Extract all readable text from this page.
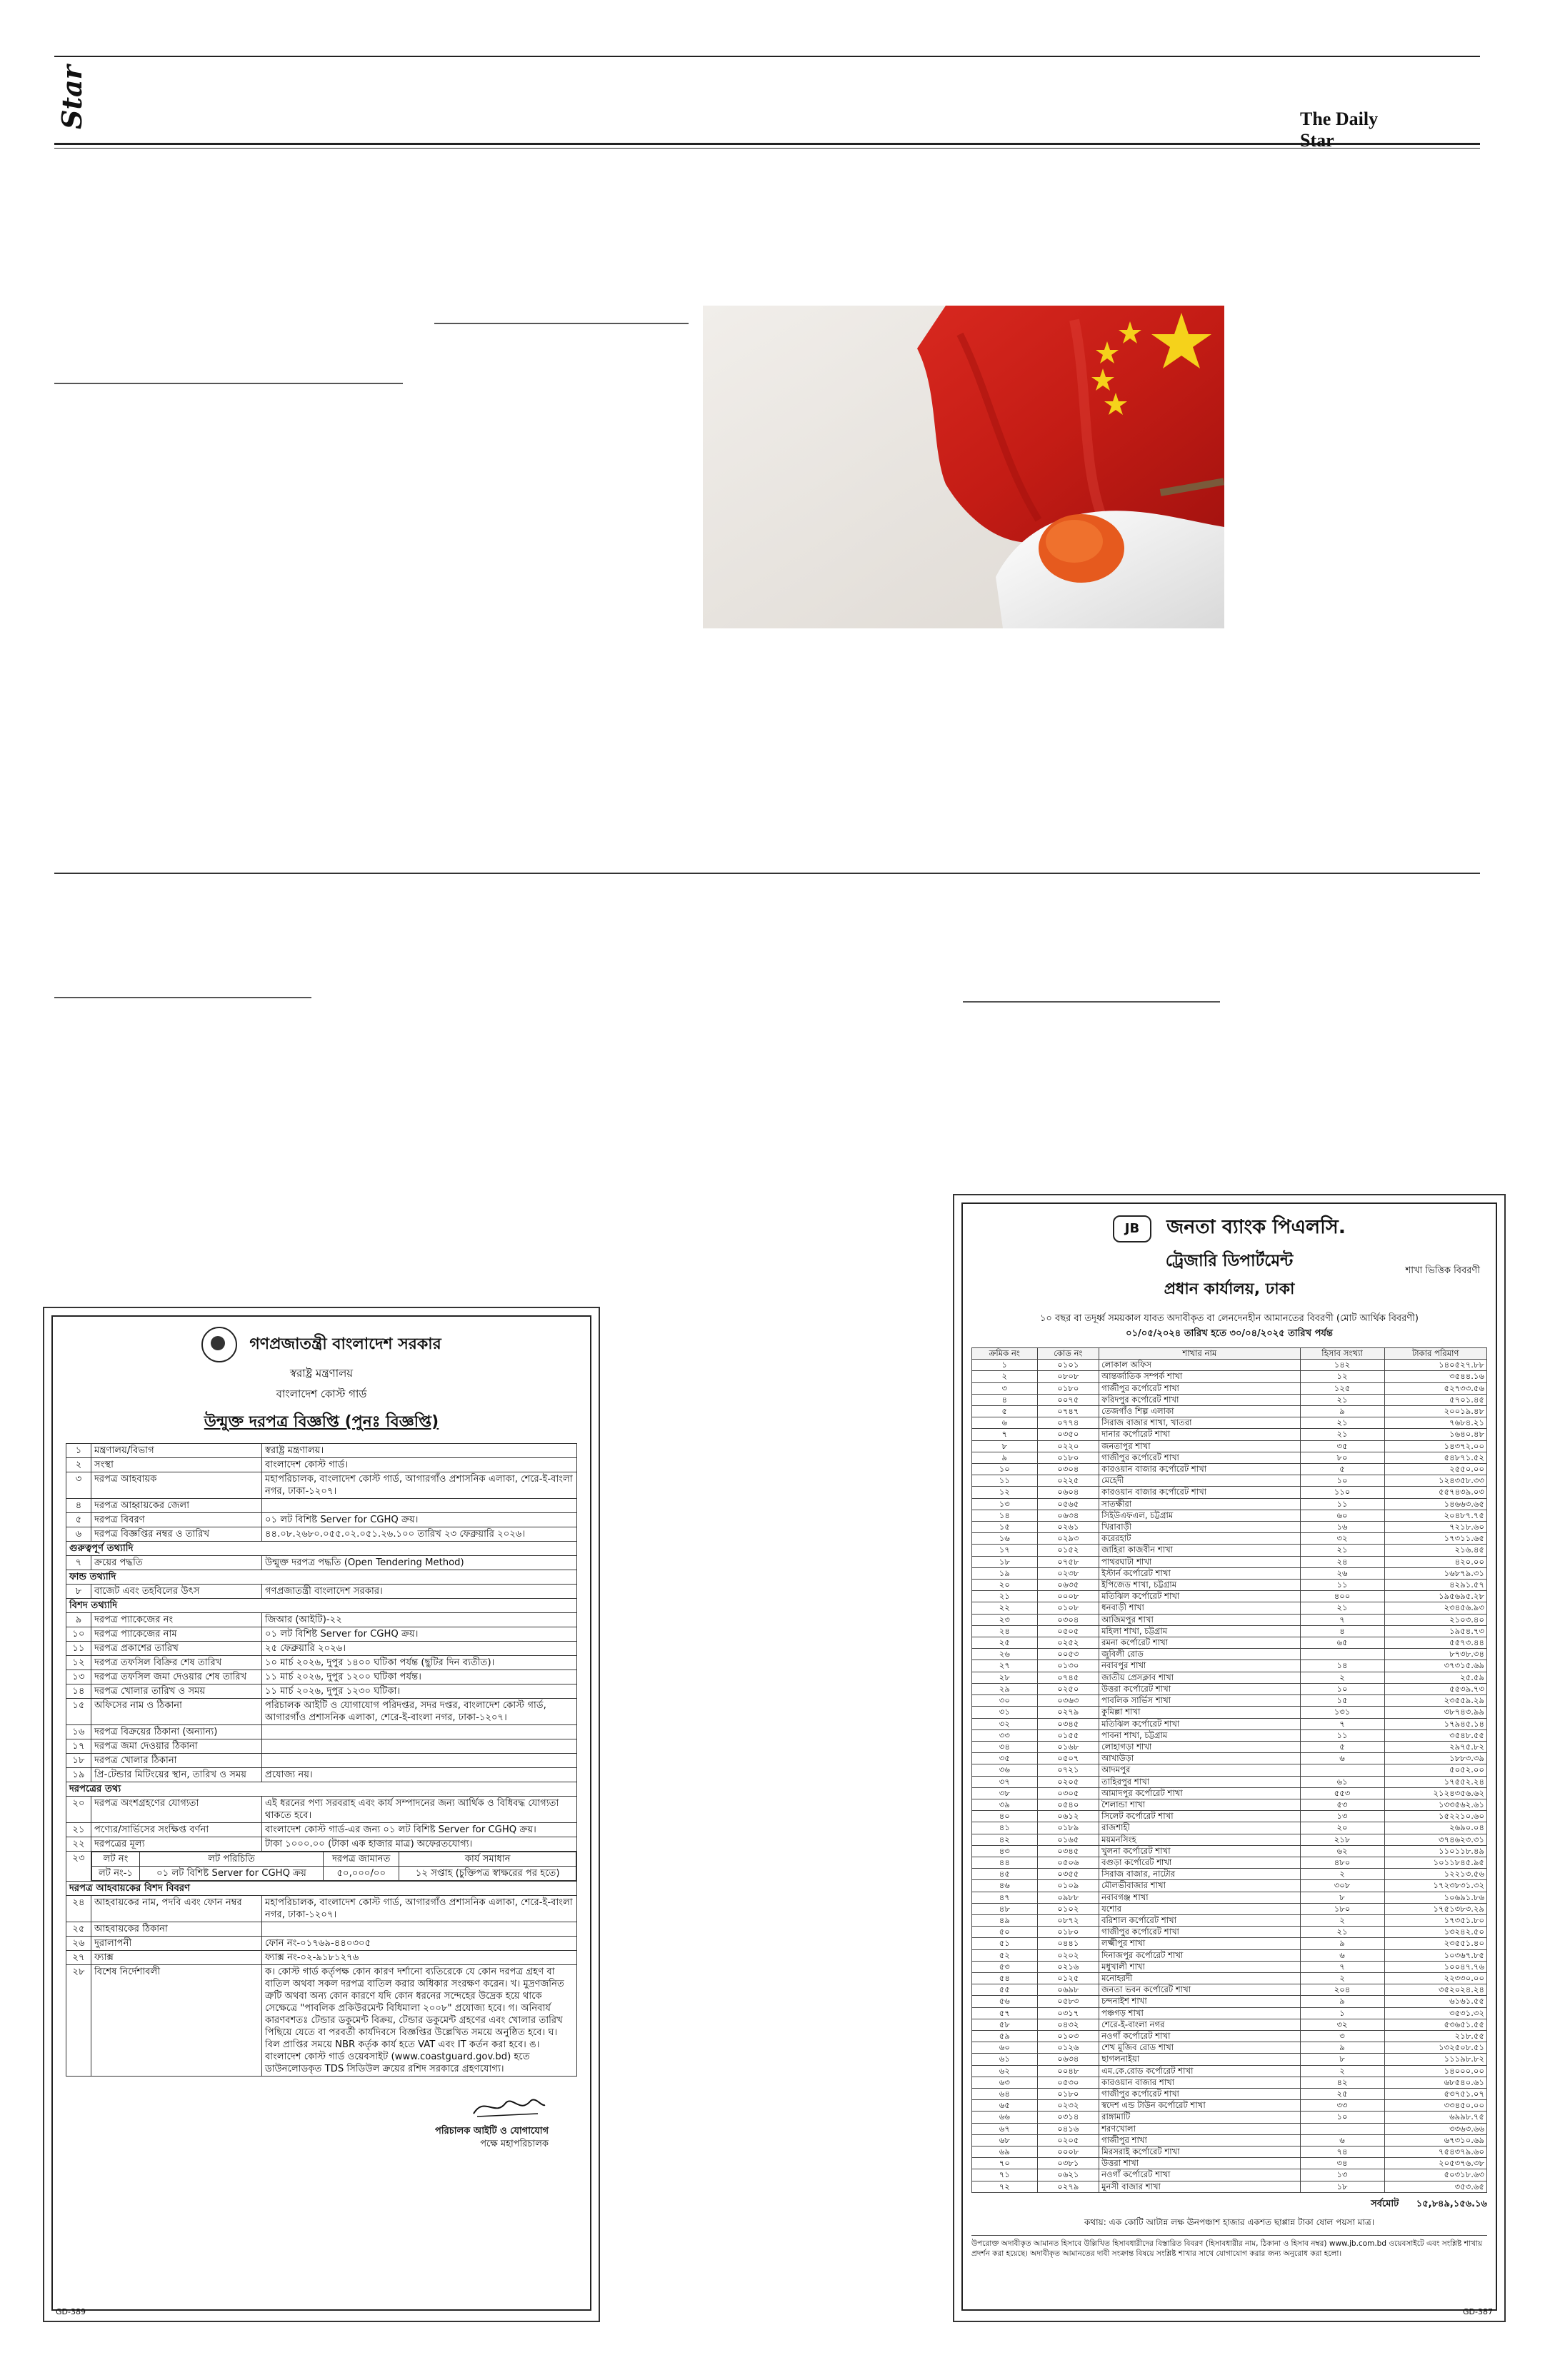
Star	The Daily Star
গণপ্রজাতন্ত্রী বাংলাদেশ সরকার
স্বরাষ্ট্র মন্ত্রণালয়
বাংলাদেশ কোস্ট গার্ড
উন্মুক্ত দরপত্র বিজ্ঞপ্তি (পুনঃ বিজ্ঞপ্তি)
১	মন্ত্রণালয়/বিভাগ	স্বরাষ্ট্র মন্ত্রণালয়।
২	সংস্থা	বাংলাদেশ কোস্ট গার্ড।
৩	দরপত্র আহবায়ক	মহাপরিচালক, বাংলাদেশ কোস্ট গার্ড, আগারগাঁও প্রশাসনিক এলাকা, শেরে-ই-বাংলা নগর, ঢাকা-১২০৭।
৪	দরপত্র আহ্বায়কের জেলা	
৫	দরপত্র বিবরণ	০১ লট বিশিষ্ট Server for CGHQ ক্রয়।
৬	দরপত্র বিজ্ঞপ্তির নম্বর ও তারিখ	৪৪.০৮.২৬৮০.০৫৫.০২.০৫১.২৬.১০০ তারিখ ২৩ ফেব্রুয়ারি ২০২৬।
গুরুত্বপূর্ণ তথ্যাদি
৭	ক্রয়ের পদ্ধতি	উন্মুক্ত দরপত্র পদ্ধতি (Open Tendering Method)
ফান্ড তথ্যাদি
৮	বাজেট এবং তহবিলের উৎস	গণপ্রজাতন্ত্রী বাংলাদেশ সরকার।
বিশদ তথ্যাদি
৯	দরপত্র প্যাকেজের নং	জিআর (আইটি)-২২
১০	দরপত্র প্যাকেজের নাম	০১ লট বিশিষ্ট Server for CGHQ ক্রয়।
১১	দরপত্র প্রকাশের তারিখ	২৫ ফেব্রুয়ারি ২০২৬।
১২	দরপত্র তফসিল বিক্রির শেষ তারিখ	১০ মার্চ ২০২৬, দুপুর ১৪০০ ঘটিকা পর্যন্ত (ছুটির দিন ব্যতীত)।
১৩	দরপত্র তফসিল জমা দেওয়ার শেষ তারিখ	১১ মার্চ ২০২৬, দুপুর ১২০০ ঘটিকা পর্যন্ত।
১৪	দরপত্র খোলার তারিখ ও সময়	১১ মার্চ ২০২৬, দুপুর ১২৩০ ঘটিকা।
১৫	অফিসের নাম ও ঠিকানা	পরিচালক আইটি ও যোগাযোগ পরিদপ্তর, সদর দপ্তর, বাংলাদেশ কোস্ট গার্ড, আগারগাঁও প্রশাসনিক এলাকা, শেরে-ই-বাংলা নগর, ঢাকা-১২০৭।
১৬	দরপত্র বিক্রয়ের ঠিকানা (অন্যান্য)	
১৭	দরপত্র জমা দেওয়ার ঠিকানা	
১৮	দরপত্র খোলার ঠিকানা	
১৯	প্রি-টেন্ডার মিটিংয়ের স্থান, তারিখ ও সময়	প্রযোজ্য নয়।
দরপত্রের তথ্য
২০	দরপত্র অংশগ্রহণের যোগ্যতা	এই ধরনের পণ্য সরবরাহ এবং কার্য সম্পাদনের জন্য আর্থিক ও বিধিবদ্ধ যোগ্যতা থাকতে হবে।
২১	পণ্যের/সার্ভিসের সংক্ষিপ্ত বর্ণনা	বাংলাদেশ কোস্ট গার্ড-এর জন্য ০১ লট বিশিষ্ট Server for CGHQ ক্রয়।
২২	দরপত্রের মূল্য	টাকা ১০০০.০০ (টাকা এক হাজার মাত্র) অফেরতযোগ্য।
২৩	লট নং	লট পরিচিতি	দরপত্র জামানত	কার্য সমাধান
লট নং-১	০১ লট বিশিষ্ট Server for CGHQ ক্রয়	৫০,০০০/০০	১২ সপ্তাহ (চুক্তিপত্র স্বাক্ষরের পর হতে)

দরপত্র আহবায়কের বিশদ বিবরণ
২৪	আহবায়কের নাম, পদবি এবং ফোন নম্বর	মহাপরিচালক, বাংলাদেশ কোস্ট গার্ড, আগারগাঁও প্রশাসনিক এলাকা, শেরে-ই-বাংলা নগর, ঢাকা-১২০৭।
২৫	আহবায়কের ঠিকানা	
২৬	দুরালাপনী	ফোন নং-০১৭৬৯-৪৪০৩০৫
২৭	ফ্যাক্স	ফ্যাক্স নং-০২-৯১৮১২৭৬
২৮	বিশেষ নির্দেশাবলী	ক। কোস্ট গার্ড কর্তৃপক্ষ কোন কারণ দর্শানো ব্যতিরেকে যে কোন দরপত্র গ্রহণ বা বাতিল অথবা সকল দরপত্র বাতিল করার অধিকার সংরক্ষণ করেন। খ। মুদ্রণজনিত ত্রুটি অথবা অন্য কোন কারণে যদি কোন ধরনের সন্দেহের উদ্রেক হয়ে থাকে সেক্ষেত্রে "পাবলিক প্রকিউরমেন্ট বিধিমালা ২০০৮" প্রযোজ্য হবে। গ। অনিবার্য কারণবশতঃ টেন্ডার ডকুমেন্ট বিক্রয়, টেন্ডার ডকুমেন্ট গ্রহণের এবং খোলার তারিখ পিছিয়ে যেতে বা পরবর্তী কার্যদিবসে বিজ্ঞপ্তির উল্লেখিত সময়ে অনুষ্ঠিত হবে। ঘ। বিল প্রাপ্তির সময়ে NBR কর্তৃক কার্য হতে VAT এবং IT কর্তন করা হবে। ঙ। বাংলাদেশ কোস্ট গার্ড ওয়েবসাইট (www.coastguard.gov.bd) হতে ডাউনলোডকৃত TDS সিডিউল ক্রয়ের রশিদ সরকারে গ্রহণযোগ্য।
পরিচালক আইটি ও যোগাযোগ
পক্ষে মহাপরিচালক
GD-389
JB জনতা ব্যাংক পিএলসি.
ট্রেজারি ডিপার্টমেন্ট
প্রধান কার্যালয়, ঢাকা
শাখা ভিত্তিক বিবরণী
১০ বছর বা তদূর্ধ্ব সময়কাল যাবত অদাবীকৃত বা লেনদেনহীন আমানতের বিবরণী (মোট আর্থিক বিবরণী)
০১/০৫/২০২৪ তারিখ হতে ৩০/০৪/২০২৫ তারিখ পর্যন্ত
ক্রমিক নং	কোড নং	শাখার নাম	হিসাব সংখ্যা	টাকার পরিমাণ
১	০১০১	লোকাল অফিস	১৪২	১৪০৫২৭.৮৮
২	০৮০৮	আন্তর্জাতিক সম্পর্ক শাখা	১২	৩৫৪৪.১৬
৩	০১৮০	গাজীপুর কর্পোরেট শাখা	১২৫	৫২৭৩৩.৫৬
৪	০০৭৫	ফরিদপুর কর্পোরেট শাখা	২১	৫৭০১.৪৫
৫	০৭৪৭	তেজগাঁও শিল্প এলাকা	৯	২০০১৯.৪৮
৬	০৭৭৪	সিরাজ বাজার শাখা, খাতরা	২১	৭৬৮৪.২১
৭	০৩৫০	দানার কর্পোরেট শাখা	২১	১৬৪০.৪৮
৮	০২২০	জনতাপুর শাখা	৩৫	১৪৩৭২.০০
৯	০১৮০	গাজীপুর কর্পোরেট শাখা	৮০	৫৪৮৭১.৫২
১০	০৩০৪	কারওয়ান বাজার কর্পোরেট শাখা	৫	২৫৫০.০০
১১	০২২৫	মেহেদী	১০	১২৪৩৫৮.৩৩
১২	০৬০৪	কারওয়ান বাজার কর্পোরেট শাখা	১১০	৫৫৭৪৩৯.০৩
১৩	০৫৬৫	সাতক্ষীরা	১১	১৪৬৬৩.৬৫
১৪	০৬৩৪	সিইউএফএল, চট্টগ্রাম	৬০	২০৪৮৭.৭৫
১৫	০২৬১	খিরাবাড়ী	১৬	৭২১৮.৬০
১৬	০২৯৩	করেরহাট	৩২	১৭৩১১.৬৫
১৭	০১৫২	জাহিরা কাজবীন শাখা	২১	২১৬.৪৫
১৮	০৭৫৮	পাথরঘাটা শাখা	২৪	৪২০.০০
১৯	০২৩৮	ইস্টার্ন কর্পোরেট শাখা	২৬	১৬৮৭৯.৩১
২০	০৬৩৫	ইপিজেড শাখা, চট্টগ্রাম	১১	৪২৯১.৫৭
২১	০০০৮	মতিঝিল কর্পোরেট শাখা	৪০০	১৯৫৬৯৫.২৮
২২	০১০৮	ধনবাড়ী শাখা	২১	২৩৪৫৬.৯৩
২৩	০৩০৪	আজিমপুর শাখা	৭	২১০৩.৪০
২৪	০৫০৫	মহিলা শাখা, চট্টগ্রাম	৪	১৯৫৪.৭৩
২৫	০২৫২	রমনা কর্পোরেট শাখা	৬৫	৫৫৭৩.৪৪
২৬	০০৫৩	জুবিলী রোড		৮৭৩৮.৩৪
২৭	০১৩০	নবাবপুর শাখা	১৪	৩৭৩১৫.৬৯
২৮	০৭৪৫	জাতীয় প্রেসক্লাব শাখা	২	২৫.৫৯
২৯	০২৫০	উত্তরা কর্পোরেট শাখা	১০	৫৫৩৯.৭৩
৩০	০৩৬৩	পাবলিক সার্ভিস শাখা	১৫	২৩৫৫৯.২৯
৩১	০২৭৯	কুমিল্লা শাখা	১৩১	৩৮৭৪৩.৯৯
৩২	০৩৪৫	মতিঝিল কর্পোরেট শাখা	৭	১৭৯৪৫.১৪
৩৩	০১৫৫	পাবনা শাখা, চট্টগ্রাম	১১	৩৫৪৮.৫৫
৩৪	০১৬৮	লোহাগড়া শাখা	৫	২৯৭৫.৮২
৩৫	০৫০৭	আখাউড়া	৬	১৮৮৩.৩৯
৩৬	০৭২১	আদমপুর		৫০৫২.০০
৩৭	০২০৫	তাহিরপুর শাখা	৬১	১৭৫৫২.২৪
৩৮	০৩০৫	আমাদপুর কর্পোরেট শাখা	৫৫৩	২১২৪৩৫৬.৬২
৩৯	০৫৪০	শৈলান্ডা শাখা	৫৩	১৩৩৫৬২.৬১
৪০	০৬১২	সিলেট কর্পোরেট শাখা	১৩	১৫২২১০.৬০
৪১	০১৮৯	রাজশাহী	২০	২৬৯০.০৪
৪২	০১৬৫	ময়মনসিংহ	২১৮	৩৭৪৬২৩.৩১
৪৩	০৩৪৫	খুলনা কর্পোরেট শাখা	৬২	১১০১১৮.৪৯
৪৪	০৫০৬	বগুড়া কর্পোরেট শাখা	৪৮০	১০১১৮৪৫.৯৫
৪৫	০৩৫৫	সিরাজ বাজার, নাটোর	২	১২২১৩.৫৬
৪৬	০১০৯	মৌলভীবাজার শাখা	৩০৮	১৭২৩৮৩১.৩২
৪৭	০৯৮৮	নবাবগঞ্জ শাখা	৮	১০৬৯১.৮৬
৪৮	০১০২	যশোর	১৮০	১৭৫১৩৮৩.২৯
৪৯	০৮৭২	বরিশাল কর্পোরেট শাখা	২	১৭৩৫১.৮০
৫০	০১৮০	গাজীপুর কর্পোরেট শাখা	২১	১৩২৪২.৫০
৫১	০৪৪১	লক্ষ্মীপুর শাখা	৯	২৩৫৫১.৪০
৫২	০২০২	দিনাজপুর কর্পোরেট শাখা	৬	১০৩৬৭.৮৫
৫৩	০২১৬	মধুখালী শাখা	৭	১০০৪৭.৭৬
৫৪	০১২৫	মনোহরদী	২	২২৩৩০.০০
৫৫	০৬৯৮	জনতা ভবন কর্পোরেট শাখা	২০৪	৩৫২০২৪.২৪
৫৬	০৫৮৩	চন্দনাইশ শাখা	৯	৬১৬১.৫৫
৫৭	০৩১৭	পঞ্চগড় শাখা	১	৩৫৩১.৩২
৫৮	০৪৩২	শেরে-ই-বাংলা নগর	৩২	৫৩৬৫১.৫৫
৫৯	০১০৩	নওগাঁ কর্পোরেট শাখা	৩	২১৮.৫৫
৬০	০১২৬	শেখ মুজিব রোড শাখা	৯	১৩২৫০৮.৫১
৬১	০৬৩৪	ছাগলনাইয়া	৮	১১১৯৮.৮২
৬২	০০৪৮	এম.কে.রোড কর্পোরেট শাখা	২	১৪০০০.০০
৬৩	০৫৩০	কারওয়ান বাজার শাখা	৪২	৬৮৫৪০.৬১
৬৪	০১৮০	গাজীপুর কর্পোরেট শাখা	২৫	৫৩৭৫১.০৭
৬৫	০২৩২	স্বদেশ এন্ড টাউন কর্পোরেট শাখা	৩৩	৩৩৪৫০.০০
৬৬	০৩১৪	রাঙ্গামাটি	১০	৬৯৯৮.৭৫
৬৭	০৪১৬	শরণখোলা		৩৩৬৩.৬৬
৬৮	০২০৫	গাজীপুর শাখা	৬	৬৭৩১০.৬৯
৬৯	০০০৮	মিরসরাই কর্পোরেট শাখা	৭৪	৭৫৪৩৭৯.৬০
৭০	০৩৮১	উত্তরা শাখা	৩৪	২০৫৩৭৬.৩৮
৭১	০৬২১	নওগাঁ কর্পোরেট শাখা	১৩	৫০৩১৮.৬৩
৭২	০২৭৯	মুনসী বাজার শাখা	১৮	৩৫৩.৬৫
সর্বমোট ১৫,৮৪৯,১৫৬.১৬
কথায়: এক কোটি আটান্ন লক্ষ ঊনপঞ্চাশ হাজার একশত ছাপ্পান্ন টাকা ষোল পয়সা মাত্র।
উপরোক্ত অদাবীকৃত আমানত হিসাবে উল্লিখিত হিসাবধারীদের বিস্তারিত বিবরণ (হিসাবধারীর নাম, ঠিকানা ও হিসাব নম্বর) www.jb.com.bd ওয়েবসাইটে এবং সংশ্লিষ্ট শাখায় প্রদর্শন করা হয়েছে। অদাবীকৃত আমানতের দাবী সংক্রান্ত বিষয়ে সংশ্লিষ্ট শাখার সাথে যোগাযোগ করার জন্য অনুরোধ করা হলো।
GD-387
